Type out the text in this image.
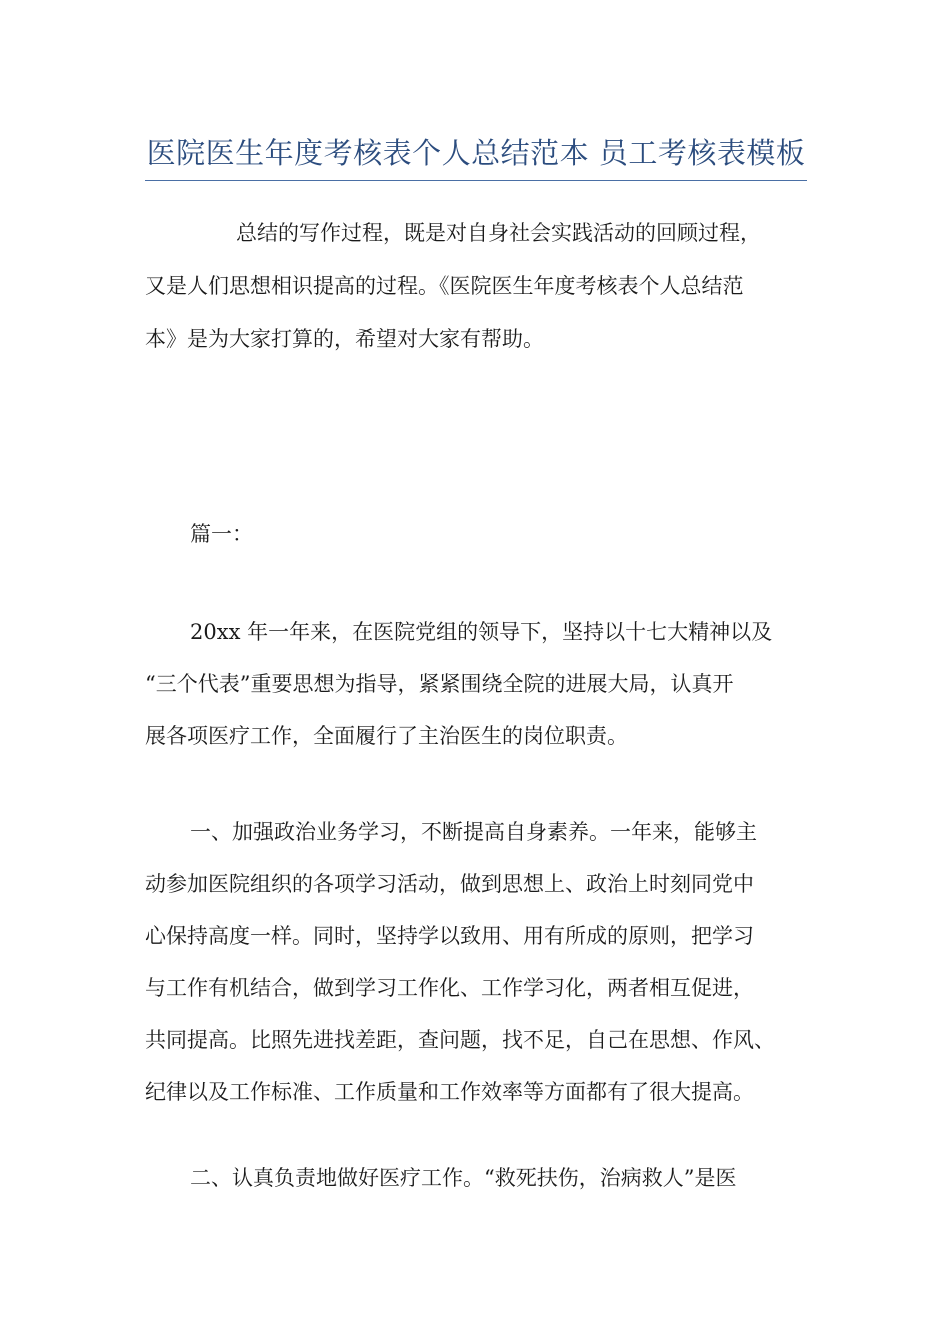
医院医生年度考核表个人总结范本 员工考核表模板
总结的写作过程，既是对自身社会实践活动的回顾过程，
又是人们思想相识提高的过程。《医院医生年度考核表个人总结范
本》是为大家打算的，希望对大家有帮助。
篇一：
20xx 年一年来，在医院党组的领导下，坚持以十七大精神以及
“三个代表”重要思想为指导，紧紧围绕全院的进展大局，认真开
展各项医疗工作，全面履行了主治医生的岗位职责。
一、加强政治业务学习，不断提高自身素养。一年来，能够主
动参加医院组织的各项学习活动，做到思想上、政治上时刻同党中
心保持高度一样。同时，坚持学以致用、用有所成的原则，把学习
与工作有机结合，做到学习工作化、工作学习化，两者相互促进，
共同提高。比照先进找差距，查问题，找不足，自己在思想、作风、
纪律以及工作标准、工作质量和工作效率等方面都有了很大提高。
二、认真负责地做好医疗工作。“救死扶伤，治病救人”是医
